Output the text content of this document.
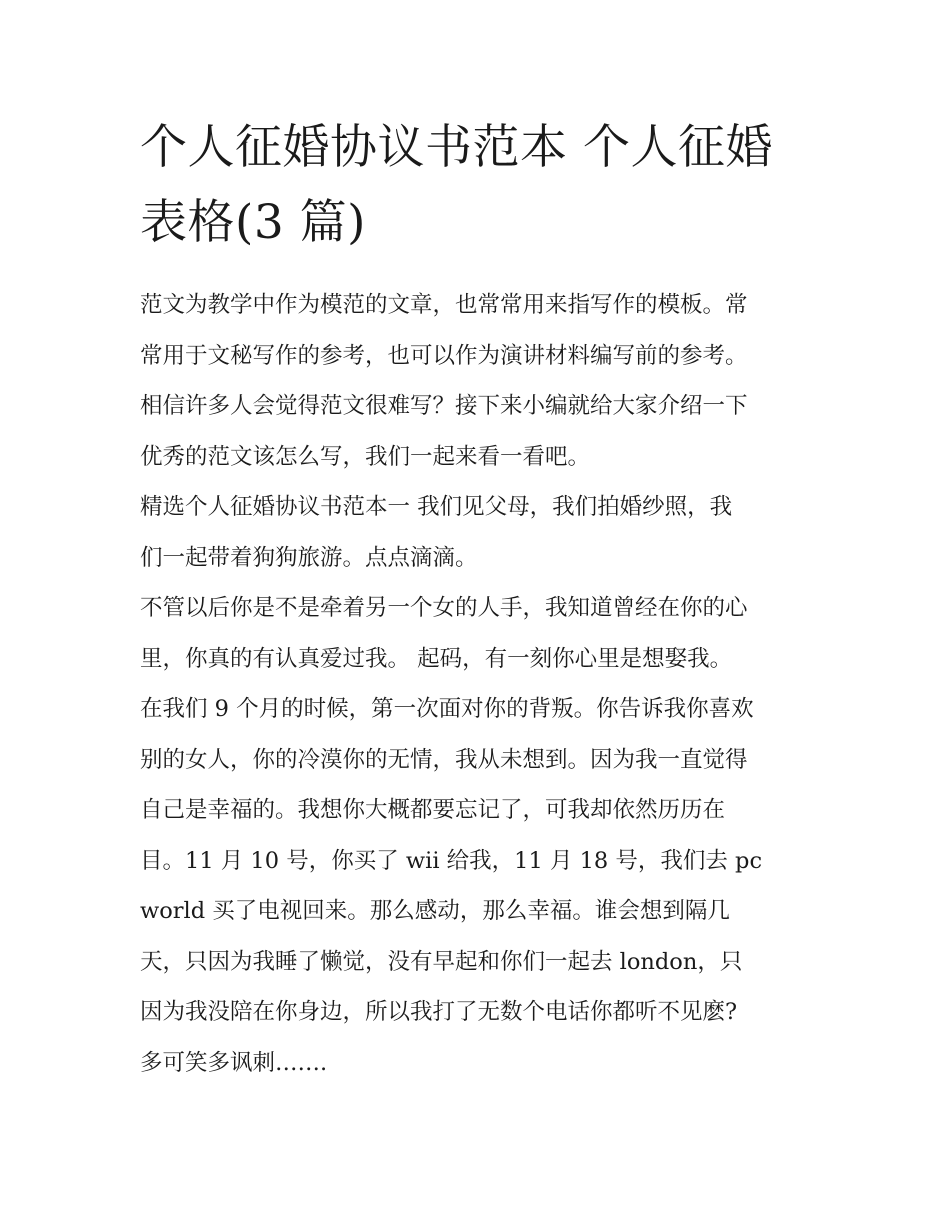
个人征婚协议书范本 个人征婚
表格(3 篇)

范文为教学中作为模范的文章，也常常用来指写作的模板。常
常用于文秘写作的参考，也可以作为演讲材料编写前的参考。
相信许多人会觉得范文很难写？接下来小编就给大家介绍一下
优秀的范文该怎么写，我们一起来看一看吧。

精选个人征婚协议书范本一 我们见父母，我们拍婚纱照，我
们一起带着狗狗旅游。点点滴滴。

不管以后你是不是牵着另一个女的人手，我知道曾经在你的心
里，你真的有认真爱过我。 起码，有一刻你心里是想娶我。
在我们 9 个月的时候，第一次面对你的背叛。你告诉我你喜欢
别的女人，你的冷漠你的无情，我从未想到。因为我一直觉得
自己是幸福的。我想你大概都要忘记了，可我却依然历历在
目。11 月 10 号，你买了 wii 给我，11 月 18 号，我们去 pc
world 买了电视回来。那么感动，那么幸福。谁会想到隔几
天，只因为我睡了懒觉，没有早起和你们一起去 london，只
因为我没陪在你身边，所以我打了无数个电话你都听不见麽?
多可笑多讽刺…….
